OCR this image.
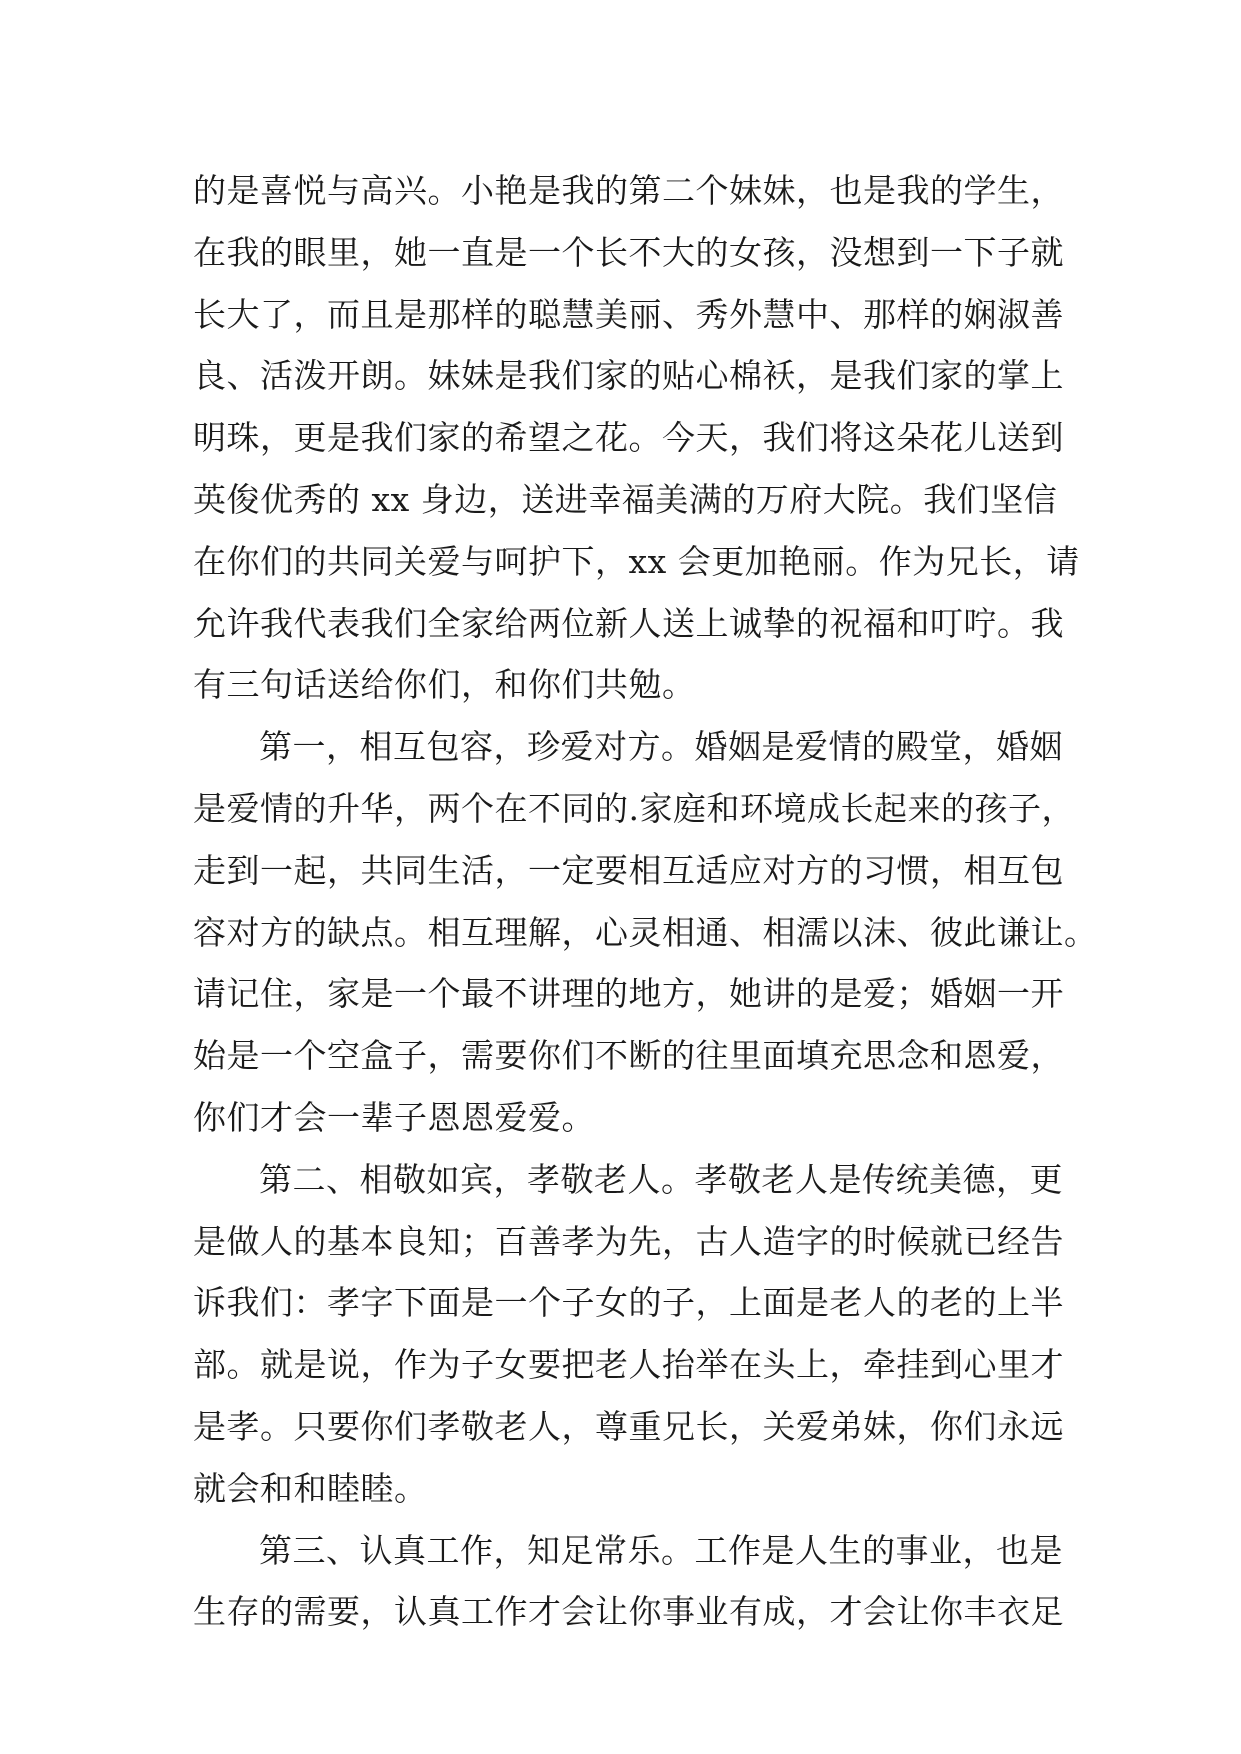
的是喜悦与高兴。小艳是我的第二个妹妹，也是我的学生，
在我的眼里，她一直是一个长不大的女孩，没想到一下子就
长大了，而且是那样的聪慧美丽、秀外慧中、那样的娴淑善
良、活泼开朗。妹妹是我们家的贴心棉袄，是我们家的掌上
明珠，更是我们家的希望之花。今天，我们将这朵花儿送到
英俊优秀的 xx 身边，送进幸福美满的万府大院。我们坚信
在你们的共同关爱与呵护下，xx 会更加艳丽。作为兄长，请
允许我代表我们全家给两位新人送上诚挚的祝福和叮咛。我
有三句话送给你们，和你们共勉。
第一，相互包容，珍爱对方。婚姻是爱情的殿堂，婚姻
是爱情的升华，两个在不同的.家庭和环境成长起来的孩子，
走到一起，共同生活，一定要相互适应对方的习惯，相互包
容对方的缺点。相互理解，心灵相通、相濡以沫、彼此谦让。
请记住，家是一个最不讲理的地方，她讲的是爱；婚姻一开
始是一个空盒子，需要你们不断的往里面填充思念和恩爱，
你们才会一辈子恩恩爱爱。
第二、相敬如宾，孝敬老人。孝敬老人是传统美德，更
是做人的基本良知；百善孝为先，古人造字的时候就已经告
诉我们：孝字下面是一个子女的子，上面是老人的老的上半
部。就是说，作为子女要把老人抬举在头上，牵挂到心里才
是孝。只要你们孝敬老人，尊重兄长，关爱弟妹，你们永远
就会和和睦睦。
第三、认真工作，知足常乐。工作是人生的事业，也是
生存的需要，认真工作才会让你事业有成，才会让你丰衣足
